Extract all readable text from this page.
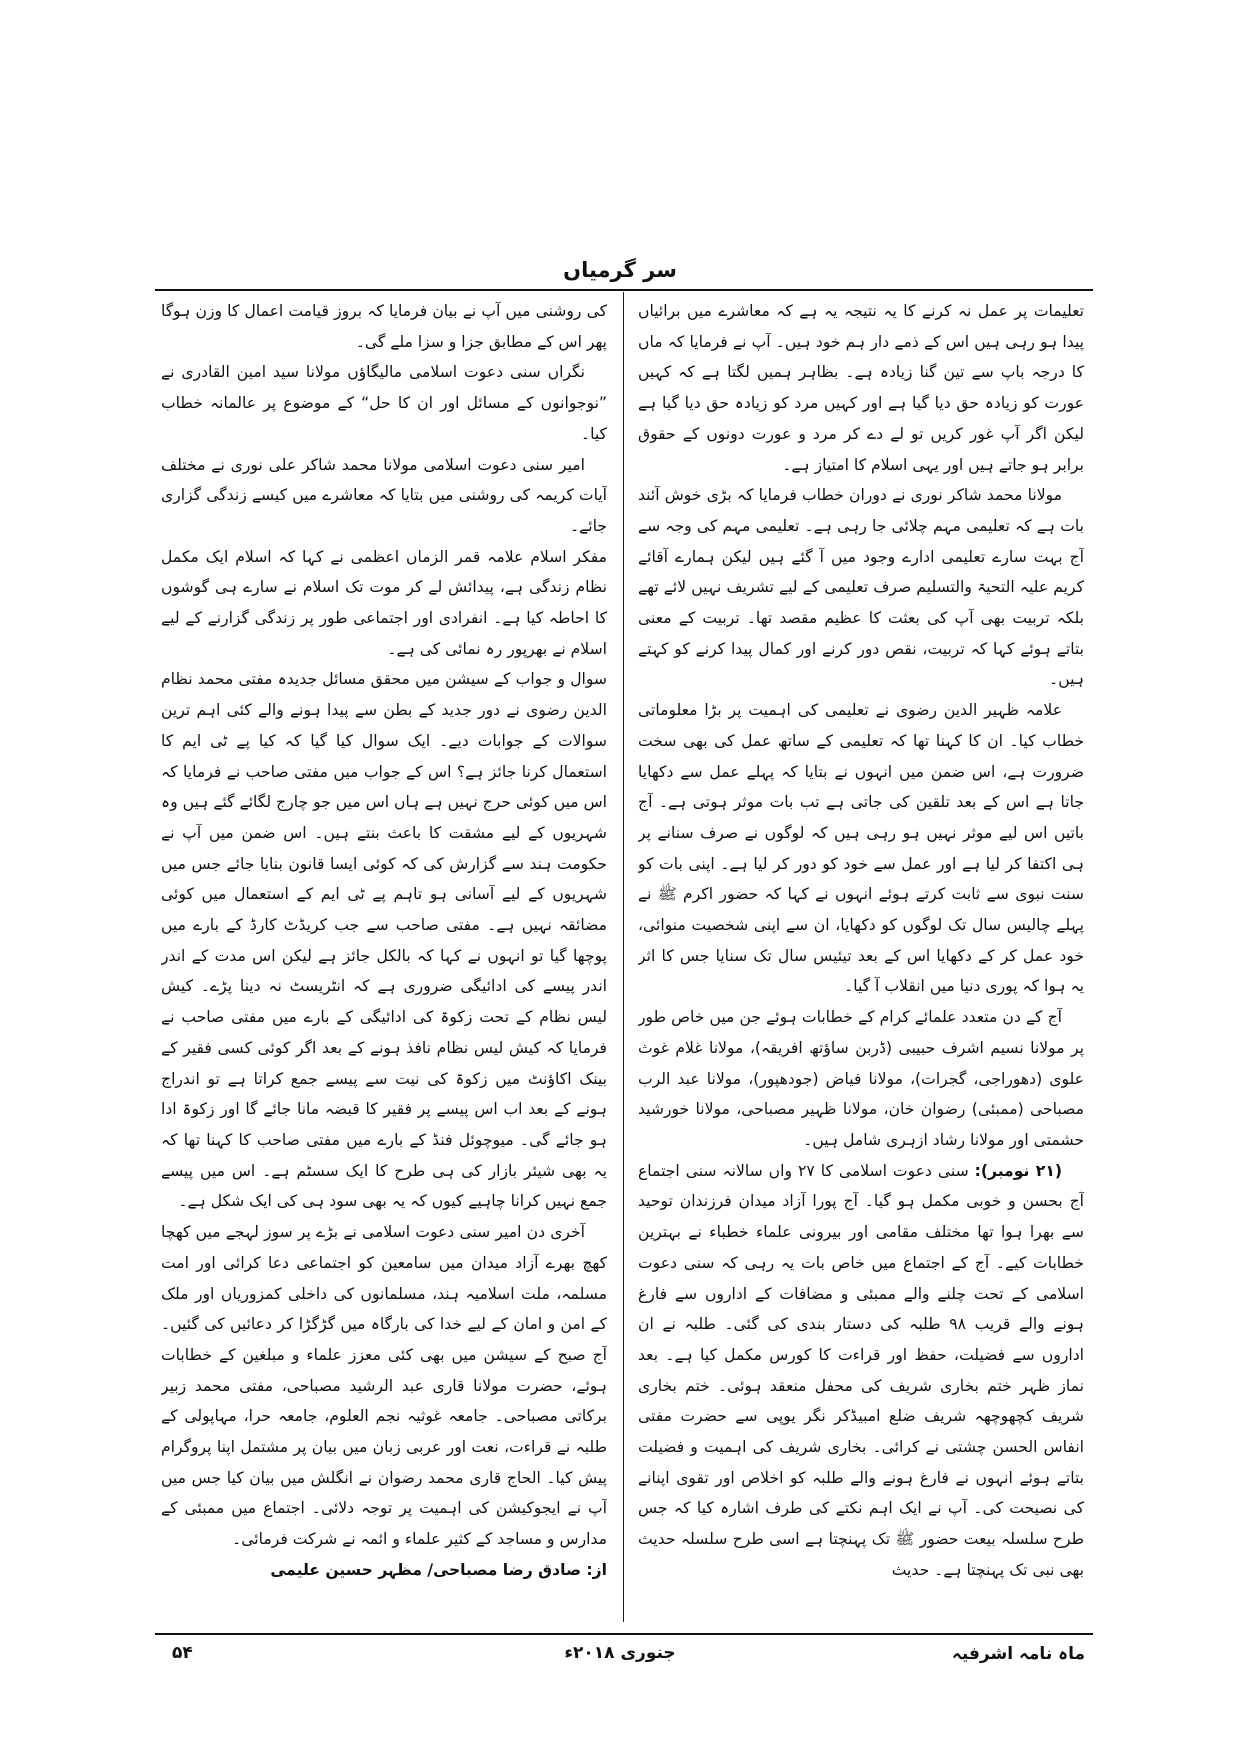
سر گرمیاں

تعلیمات پر عمل نہ کرنے کا یہ نتیجہ یہ ہے کہ معاشرے میں برائیاں پیدا ہو رہی ہیں اس کے ذمے دار ہم خود ہیں۔ آپ نے فرمایا کہ ماں کا درجہ باپ سے تین گنا زیادہ ہے۔ بظاہر ہمیں لگتا ہے کہ کہیں عورت کو زیادہ حق دیا گیا ہے اور کہیں مرد کو زیادہ حق دیا گیا ہے لیکن اگر آپ غور کریں تو لے دے کر مرد و عورت دونوں کے حقوق برابر ہو جاتے ہیں اور یہی اسلام کا امتیاز ہے۔

مولانا محمد شاکر نوری نے دوران خطاب فرمایا کہ بڑی خوش آئند بات ہے کہ تعلیمی مہم چلائی جا رہی ہے۔ تعلیمی مہم کی وجہ سے آج بہت سارے تعلیمی ادارے وجود میں آ گئے ہیں لیکن ہمارے آقائے کریم علیہ التحیۃ والتسلیم صرف تعلیمی کے لیے تشریف نہیں لائے تھے بلکہ تربیت بھی آپ کی بعثت کا عظیم مقصد تھا۔ تربیت کے معنی بتاتے ہوئے کہا کہ تربیت، نقص دور کرنے اور کمال پیدا کرنے کو کہتے ہیں۔

علامہ ظہیر الدین رضوی نے تعلیمی کی اہمیت پر بڑا معلوماتی خطاب کیا۔ ان کا کہنا تھا کہ تعلیمی کے ساتھ عمل کی بھی سخت ضرورت ہے، اس ضمن میں انہوں نے بتایا کہ پہلے عمل سے دکھایا جاتا ہے اس کے بعد تلقین کی جاتی ہے تب بات موثر ہوتی ہے۔ آج باتیں اس لیے موثر نہیں ہو رہی ہیں کہ لوگوں نے صرف سنانے پر ہی اکتفا کر لیا ہے اور عمل سے خود کو دور کر لیا ہے۔ اپنی بات کو سنت نبوی سے ثابت کرتے ہوئے انہوں نے کہا کہ حضور اکرم ﷺ نے پہلے چالیس سال تک لوگوں کو دکھایا، ان سے اپنی شخصیت منوائی، خود عمل کر کے دکھایا اس کے بعد تیئیس سال تک سنایا جس کا اثر یہ ہوا کہ پوری دنیا میں انقلاب آ گیا۔

آج کے دن متعدد علمائے کرام کے خطابات ہوئے جن میں خاص طور پر مولانا نسیم اشرف حبیبی (ڈربن ساؤتھ افریقہ)، مولانا غلام غوث علوی (دھوراجی، گجرات)، مولانا فیاض (جودھپور)، مولانا عبد الرب مصباحی (ممبئی) رضوان خان، مولانا ظہیر مصباحی، مولانا خورشید حشمتی اور مولانا رشاد ازہری شامل ہیں۔

(۲۱ نومبر): سنی دعوت اسلامی کا ۲۷ واں سالانہ سنی اجتماع آج بحسن و خوبی مکمل ہو گیا۔ آج پورا آزاد میدان فرزندان توحید سے بھرا ہوا تھا مختلف مقامی اور بیرونی علماء خطباء نے بہترین خطابات کیے۔ آج کے اجتماع میں خاص بات یہ رہی کہ سنی دعوت اسلامی کے تحت چلنے والے ممبئی و مضافات کے اداروں سے فارغ ہونے والے قریب ۹۸ طلبہ کی دستار بندی کی گئی۔ طلبہ نے ان اداروں سے فضیلت، حفظ اور قراءت کا کورس مکمل کیا ہے۔ بعد نماز ظہر ختم بخاری شریف کی محفل منعقد ہوئی۔ ختم بخاری شریف کچھوچھہ شریف ضلع امبیڈکر نگر یوپی سے حضرت مفتی انفاس الحسن چشتی نے کرائی۔ بخاری شریف کی اہمیت و فضیلت بتاتے ہوئے انہوں نے فارغ ہونے والے طلبہ کو اخلاص اور تقوی اپنانے کی نصیحت کی۔ آپ نے ایک اہم نکتے کی طرف اشارہ کیا کہ جس طرح سلسلہ بیعت حضور ﷺ تک پہنچتا ہے اسی طرح سلسلہ حدیث بھی نبی تک پہنچتا ہے۔ حدیث

کی روشنی میں آپ نے بیان فرمایا کہ بروز قیامت اعمال کا وزن ہوگا پھر اس کے مطابق جزا و سزا ملے گی۔

نگراں سنی دعوت اسلامی مالیگاؤں مولانا سید امین القادری نے ”نوجوانوں کے مسائل اور ان کا حل“ کے موضوع پر عالمانہ خطاب کیا۔

امیر سنی دعوت اسلامی مولانا محمد شاکر علی نوری نے مختلف آیات کریمہ کی روشنی میں بتایا کہ معاشرے میں کیسے زندگی گزاری جائے۔

مفکر اسلام علامہ قمر الزماں اعظمی نے کہا کہ اسلام ایک مکمل نظام زندگی ہے، پیدائش لے کر موت تک اسلام نے سارے ہی گوشوں کا احاطہ کیا ہے۔ انفرادی اور اجتماعی طور پر زندگی گزارنے کے لیے اسلام نے بھرپور رہ نمائی کی ہے۔

سوال و جواب کے سیشن میں محقق مسائل جدیدہ مفتی محمد نظام الدین رضوی نے دور جدید کے بطن سے پیدا ہونے والے کئی اہم ترین سوالات کے جوابات دیے۔ ایک سوال کیا گیا کہ کیا پے ٹی ایم کا استعمال کرنا جائز ہے؟ اس کے جواب میں مفتی صاحب نے فرمایا کہ اس میں کوئی حرج نہیں ہے ہاں اس میں جو چارج لگائے گئے ہیں وہ شہریوں کے لیے مشقت کا باعث بنتے ہیں۔ اس ضمن میں آپ نے حکومت ہند سے گزارش کی کہ کوئی ایسا قانون بنایا جائے جس میں شہریوں کے لیے آسانی ہو تاہم پے ٹی ایم کے استعمال میں کوئی مضائقہ نہیں ہے۔ مفتی صاحب سے جب کریڈٹ کارڈ کے بارے میں پوچھا گیا تو انہوں نے کہا کہ بالکل جائز ہے لیکن اس مدت کے اندر اندر پیسے کی ادائیگی ضروری ہے کہ انٹریسٹ نہ دینا پڑے۔ کیش لیس نظام کے تحت زکوۃ کی ادائیگی کے بارے میں مفتی صاحب نے فرمایا کہ کیش لیس نظام نافذ ہونے کے بعد اگر کوئی کسی فقیر کے بینک اکاؤنٹ میں زکوۃ کی نیت سے پیسے جمع کراتا ہے تو اندراج ہونے کے بعد اب اس پیسے پر فقیر کا قبضہ مانا جائے گا اور زکوۃ ادا ہو جائے گی۔ میوچوئل فنڈ کے بارے میں مفتی صاحب کا کہنا تھا کہ یہ بھی شیئر بازار کی ہی طرح کا ایک سسٹم ہے۔ اس میں پیسے جمع نہیں کرانا چاہیے کیوں کہ یہ بھی سود ہی کی ایک شکل ہے۔

آخری دن امیر سنی دعوت اسلامی نے بڑے پر سوز لہجے میں کھچا کھچ بھرے آزاد میدان میں سامعین کو اجتماعی دعا کرائی اور امت مسلمہ، ملت اسلامیہ ہند، مسلمانوں کی داخلی کمزوریاں اور ملک کے امن و امان کے لیے خدا کی بارگاہ میں گڑگڑا کر دعائیں کی گئیں۔ آج صبح کے سیشن میں بھی کئی معزز علماء و مبلغین کے خطابات ہوئے، حضرت مولانا قاری عبد الرشید مصباحی، مفتی محمد زبیر برکاتی مصباحی۔ جامعہ غوثیہ نجم العلوم، جامعہ حرا، مہاپولی کے طلبہ نے قراءت، نعت اور عربی زبان میں بیان پر مشتمل اپنا پروگرام پیش کیا۔ الحاج قاری محمد رضوان نے انگلش میں بیان کیا جس میں آپ نے ایجوکیشن کی اہمیت پر توجہ دلائی۔ اجتماع میں ممبئی کے مدارس و مساجد کے کثیر علماء و ائمہ نے شرکت فرمائی۔

از: صادق رضا مصباحی/ مظہر حسین علیمی

ماہ نامہ اشرفیہ
جنوری ۲۰۱۸ء
۵۴
